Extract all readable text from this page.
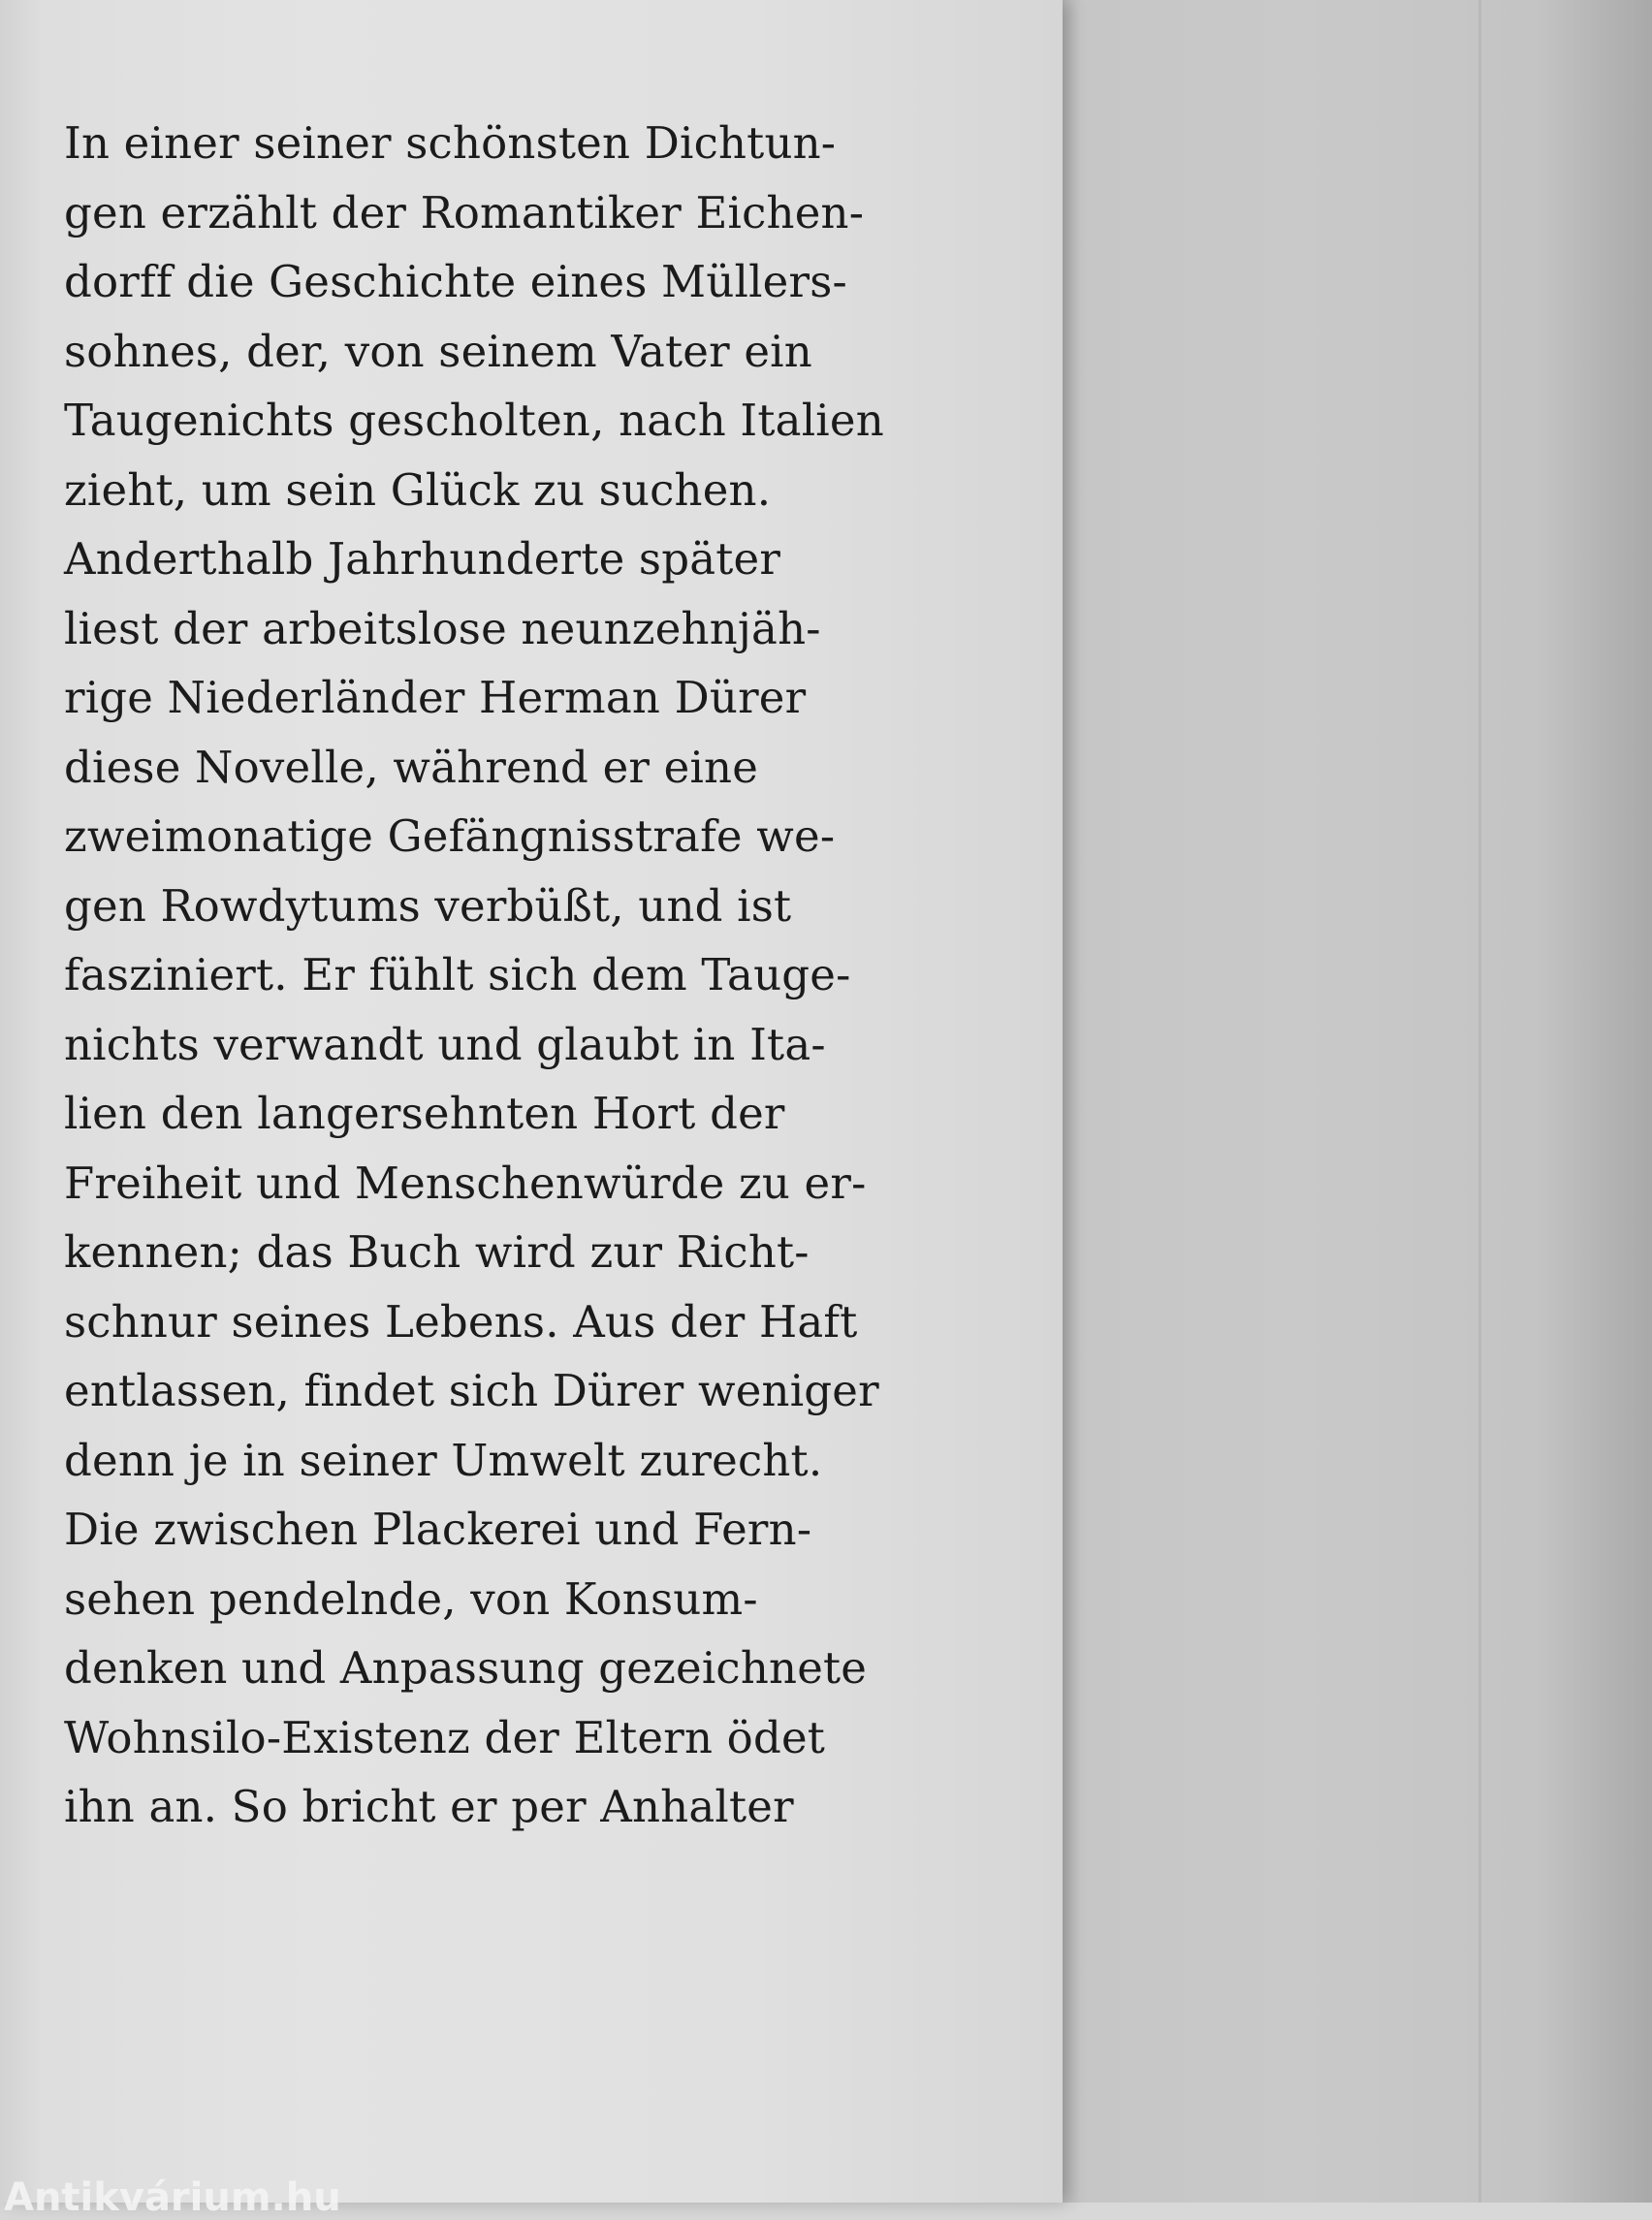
In einer seiner schönsten Dichtun-
gen erzählt der Romantiker Eichen-
dorff die Geschichte eines Müllers-
sohnes, der, von seinem Vater ein
Taugenichts gescholten, nach Italien
zieht, um sein Glück zu suchen.
Anderthalb Jahrhunderte später
liest der arbeitslose neunzehnjäh-
rige Niederländer Herman Dürer
diese Novelle, während er eine
zweimonatige Gefängnisstrafe we-
gen Rowdytums verbüßt, und ist
fasziniert. Er fühlt sich dem Tauge-
nichts verwandt und glaubt in Ita-
lien den langersehnten Hort der
Freiheit und Menschenwürde zu er-
kennen; das Buch wird zur Richt-
schnur seines Lebens. Aus der Haft
entlassen, findet sich Dürer weniger
denn je in seiner Umwelt zurecht.
Die zwischen Plackerei und Fern-
sehen pendelnde, von Konsum-
denken und Anpassung gezeichnete
Wohnsilo-Existenz der Eltern ödet
ihn an. So bricht er per Anhalter
Antikvárium.hu
